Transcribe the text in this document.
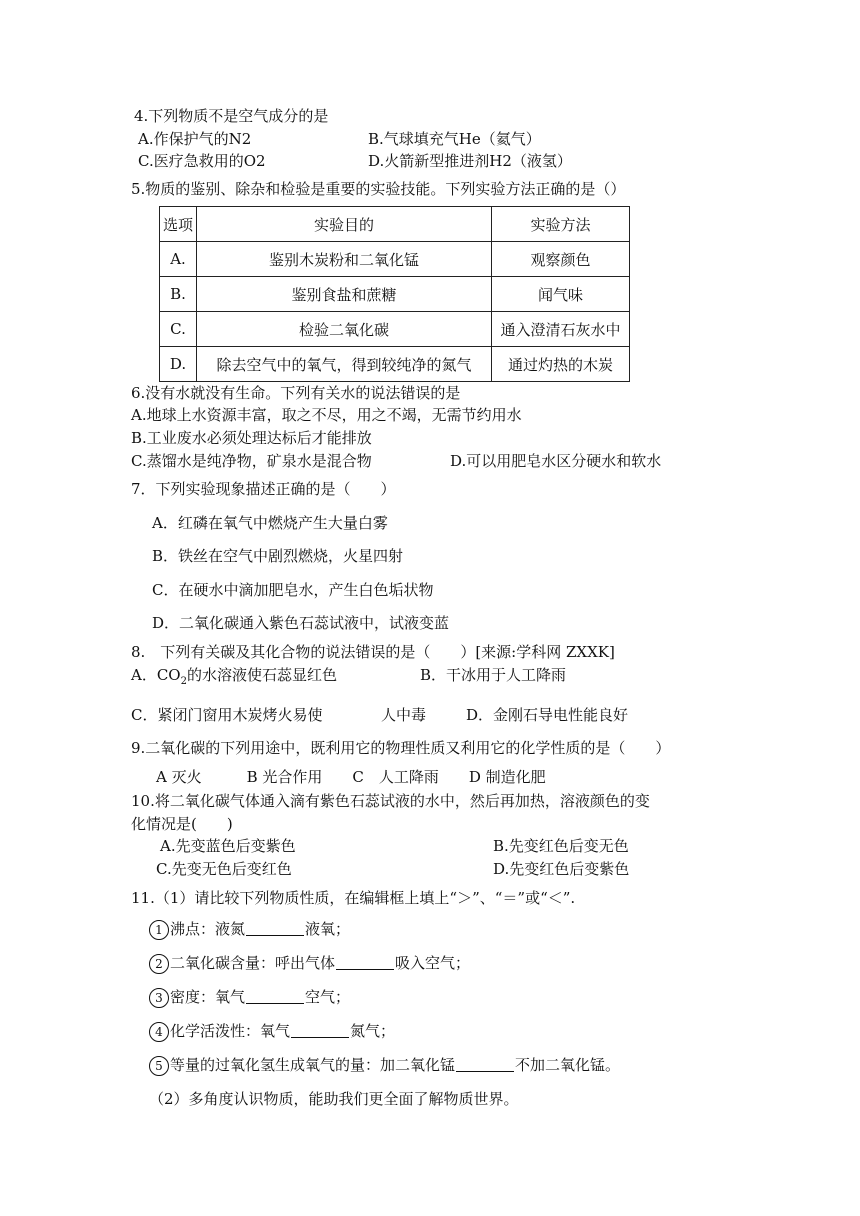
4.下列物质不是空气成分的是
A.作保护气的N2	B.气球填充气He（氦气）
C.医疗急救用的O2	D.火箭新型推进剂H2（液氢）
5.物质的鉴别、除杂和检验是重要的实验技能。下列实验方法正确的是（）
选项	实验目的	实验方法
A.	鉴别木炭粉和二氧化锰	观察颜色
B.	鉴别食盐和蔗糖	闻气味
C.	检验二氧化碳	通入澄清石灰水中
D.	除去空气中的氧气，得到较纯净的氮气	通过灼热的木炭
6.没有水就没有生命。下列有关水的说法错误的是
A.地球上水资源丰富，取之不尽，用之不竭，无需节约用水
B.工业废水必须处理达标后才能排放
C.蒸馏水是纯净物，矿泉水是混合物	D.可以用肥皂水区分硬水和软水
7．下列实验现象描述正确的是（　　）
A．红磷在氧气中燃烧产生大量白雾
B．铁丝在空气中剧烈燃烧，火星四射
C．在硬水中滴加肥皂水，产生白色垢状物
D．二氧化碳通入紫色石蕊试液中，试液变蓝
8.　下列有关碳及其化合物的说法错误的是（　　）[来源:学科网 ZXXK]
A．$CO_2$的水溶液使石蕊显红色	B．干冰用于人工降雨
C．紧闭门窗用木炭烤火易使	人中毒	D．金刚石导电性能良好
9.二氧化碳的下列用途中，既利用它的物理性质又利用它的化学性质的是（　　）
A 灭火　　　B 光合作用　　C　人工降雨　　D 制造化肥
10.将二氧化碳气体通入滴有紫色石蕊试液的水中，然后再加热，溶液颜色的变
化情况是(　　)
A.先变蓝色后变紫色	B.先变红色后变无色
C.先变无色后变红色	D.先变红色后变紫色
11.（1）请比较下列物质性质，在编辑框上填上“＞”、“＝”或“＜”.
1 沸点：液氮	液氧；
2 二氧化碳含量：呼出气体	吸入空气；
3 密度：氧气	空气；
4 化学活泼性：氧气	氮气；
5 等量的过氧化氢生成氧气的量：加二氧化锰	不加二氧化锰。
（2）多角度认识物质，能助我们更全面了解物质世界。
